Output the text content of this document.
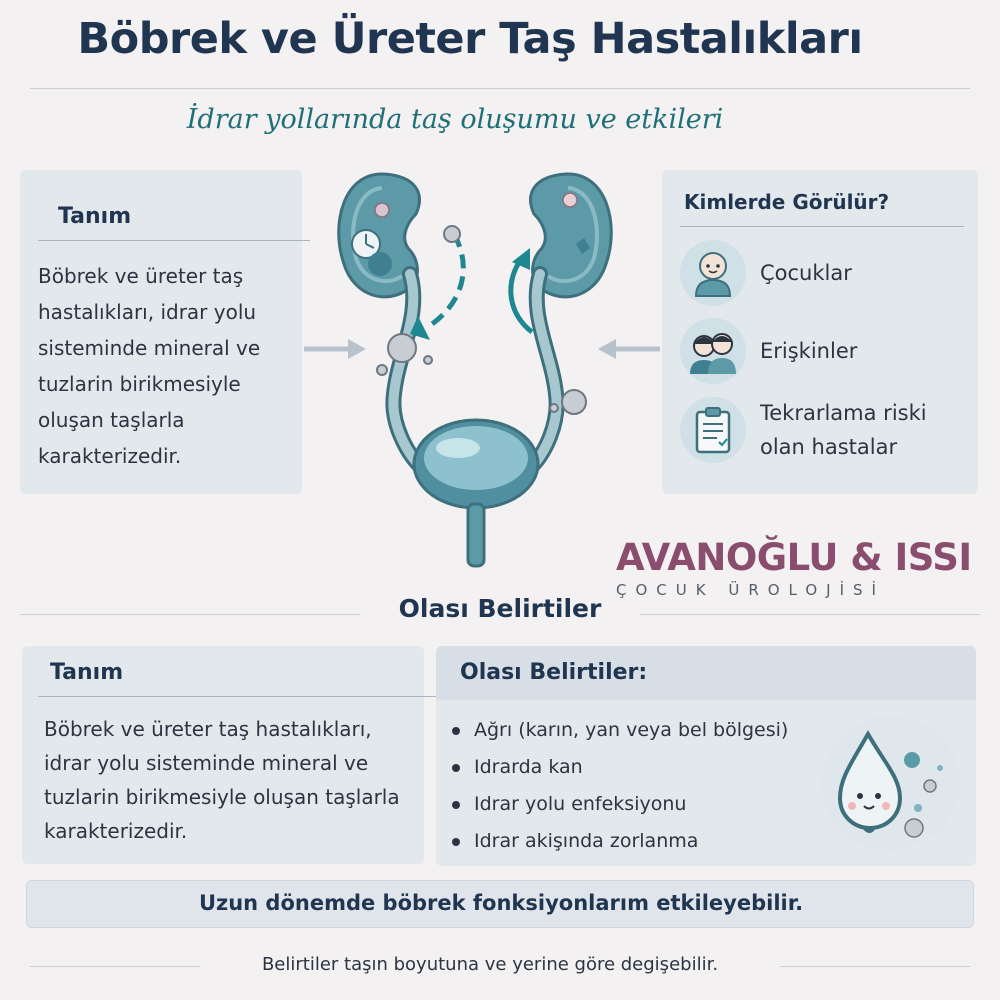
Böbrek ve Üreter Taş Hastalıkları
İdrar yollarında taş oluşumu ve etkileri
Tanım
Böbrek ve üreter taş hastalıkları, idrar yolu sisteminde mineral ve tuzlarin birikmesiyle oluşan taşlarla karakterizedir.
Kimlerde Görülür?
Çocuklar
Erişkinler
Tekrarlama riski olan hastalar
AVANOĞLU & ISSI
ÇOCUK ÜROLOJİSİ
Olası Belirtiler
Tanım
Böbrek ve üreter taş hastalıkları, idrar yolu sisteminde mineral ve tuzlarin birikmesiyle oluşan taşlarla karakterizedir.
Olası Belirtiler:
Ağrı (karın, yan veya bel bölgesi)
Idrarda kan
Idrar yolu enfeksiyonu
Idrar akişında zorlanma
Uzun dönemde böbrek fonksiyonlarım etkileyebilir.
Belirtiler taşın boyutuna ve yerine göre degişebilir.
